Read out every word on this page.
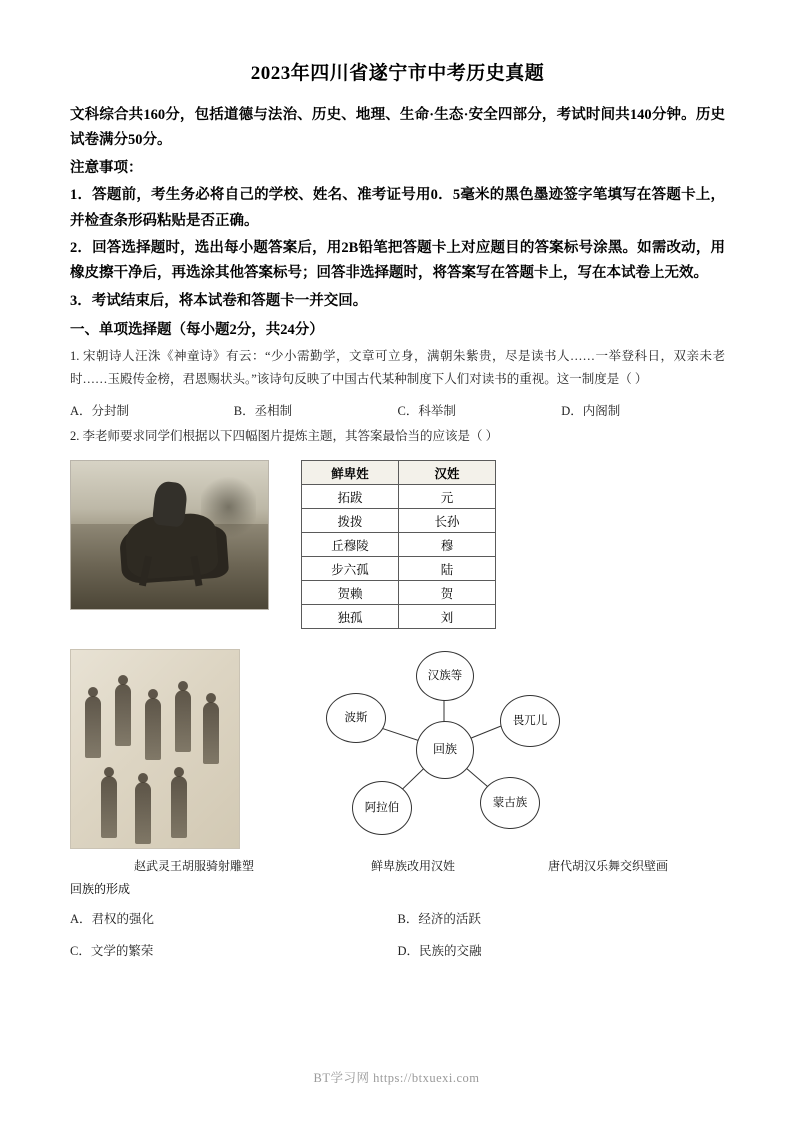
2023年四川省遂宁市中考历史真题

文科综合共160分，包括道德与法治、历史、地理、生命·生态·安全四部分，考试时间共140分钟。历史试卷满分50分。

注意事项：

1．答题前，考生务必将自己的学校、姓名、准考证号用0．5毫米的黑色墨迹签字笔填写在答题卡上，并检查条形码粘贴是否正确。

2．回答选择题时，选出每小题答案后，用2B铅笔把答题卡上对应题目的答案标号涂黑。如需改动，用橡皮擦干净后，再选涂其他答案标号；回答非选择题时，将答案写在答题卡上，写在本试卷上无效。

3．考试结束后，将本试卷和答题卡一并交回。

一、单项选择题（每小题2分，共24分）
1. 宋朝诗人汪洙《神童诗》有云：“少小需勤学，文章可立身，满朝朱紫贵，尽是读书人……一举登科日，双亲未老时……玉殿传金榜，君恩赐状头。”该诗句反映了中国古代某种制度下人们对读书的重视。这一制度是（ ）
A．分封制	B．丞相制	C．科举制	D．内阁制
2. 李老师要求同学们根据以下四幅图片提炼主题，其答案最恰当的应该是（ ）
鲜卑姓	汉姓
拓跋	元
拨拨	长孙
丘穆陵	穆
步六孤	陆
贺赖	贺
独孤	刘
回族
汉族等
畏兀儿
蒙古族
阿拉伯
波斯
赵武灵王胡服骑射雕塑	鲜卑族改用汉姓	唐代胡汉乐舞交织壁画
回族的形成
A．君权的强化	B．经济的活跃
C．文学的繁荣	D．民族的交融
BT学习网 https://btxuexi.com
